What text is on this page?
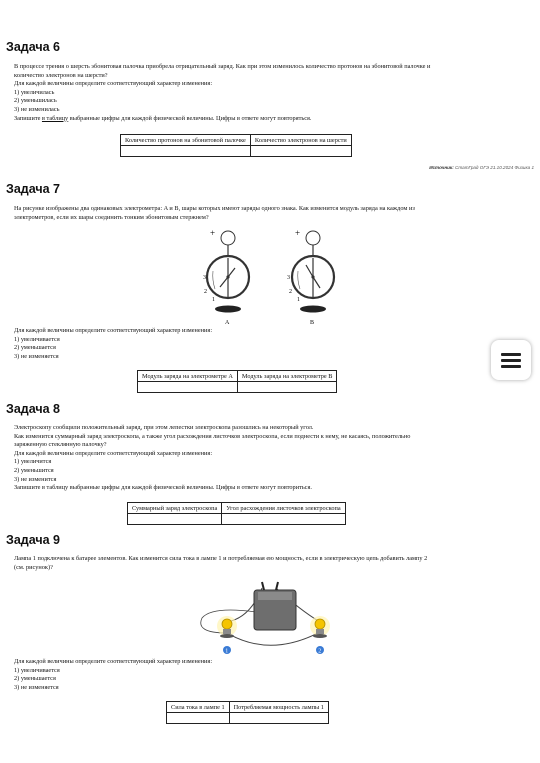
Задача 6
В процессе трения о шерсть эбонитовая палочка приобрела отрицательный заряд. Как при этом изменилось количество протонов на эбонитовой палочке и
количество электронов на шерсти?
Для каждой величины определите соответствующий характер изменения:
1) увеличилась
2) уменьшилась
3) не изменилась
Запишите в таблицу выбранные цифры для каждой физической величины. Цифры в ответе могут повторяться.
Количество протонов на эбонитовой палочке	Количество электронов на шерсти

Источник: СтатГрад ОГЭ 21.10.2024 Физика 1
Задача 7
На рисунке изображены два одинаковых электрометра: A и B, шары которых имеют заряды одного знака. Как изменится модуль заряда на каждом из
электрометров, если их шары соединить тонким эбонитовым стержнем?
+
3
2
1
A
+
3
2
1
B
Для каждой величины определите соответствующий характер изменения:
1) увеличивается
2) уменьшается
3) не изменяется
Модуль заряда на электрометре A	Модуль заряда на электрометре B

Задача 8
Электроскопу сообщили положительный заряд, при этом лепестки электроскопа разошлись на некоторый угол.
Как изменится суммарный заряд электроскопа, а также угол расхождения листочков электроскопа, если поднести к нему, не касаясь, положительно
заряженную стеклянную палочку?
Для каждой величины определите соответствующий характер изменения:
1) увеличится
2) уменьшится
3) не изменится
Запишите в таблицу выбранные цифры для каждой физической величины. Цифры в ответе могут повториться.
Суммарный заряд электроскопа	Угол расхождения листочков электроскопа

Задача 9
Лампа 1 подключена к батарее элементов. Как изменится сила тока в лампе 1 и потребляемая ею мощность, если в электрическую цепь добавить лампу 2
(см. рисунок)?
1	2
Для каждой величины определите соответствующий характер изменения:
1) увеличивается
2) уменьшается
3) не изменяется
Сила тока в лампе 1	Потребляемая мощность лампы 1
